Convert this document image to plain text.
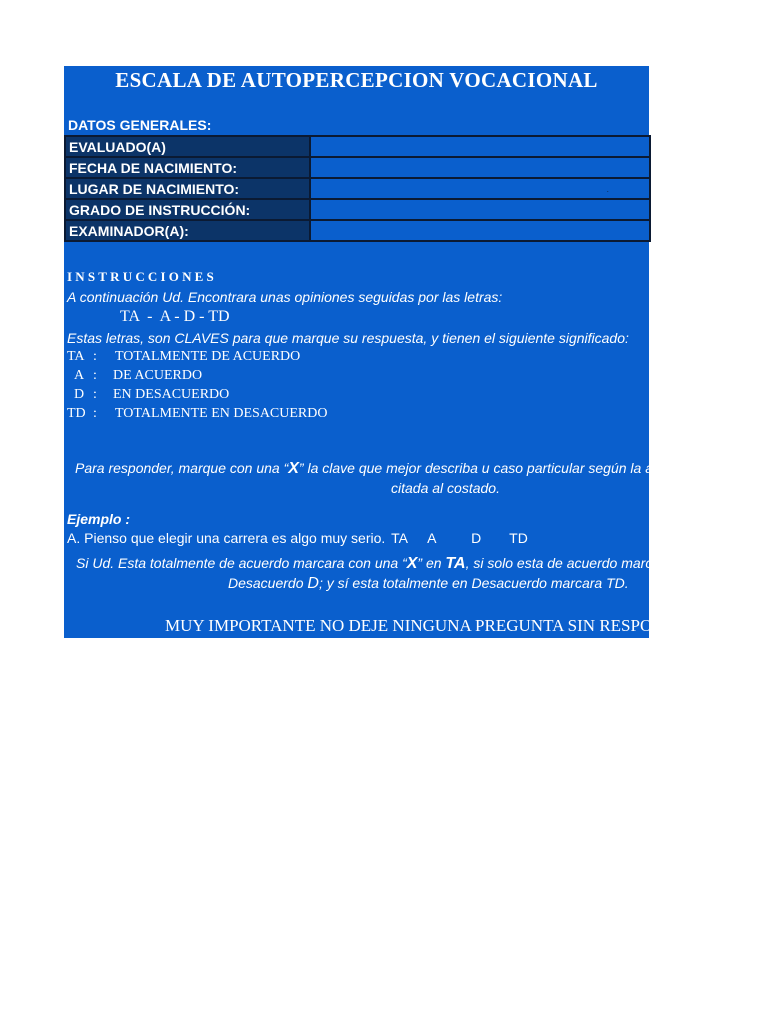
ESCALA DE AUTOPERCEPCION VOCACIONAL
DATOS GENERALES:
EVALUADO(A)	
FECHA DE NACIMIENTO:	
LUGAR DE NACIMIENTO:	.
GRADO DE INSTRUCCIÓN:	
EXAMINADOR(A):	
INSTRUCCIONES
A continuación Ud. Encontrara unas opiniones seguidas por las letras:
TA  -  A - D - TD
Estas letras, son CLAVES para que marque su respuesta, y tienen el siguiente significado:
TA : TOTALMENTE DE ACUERDO
A : DE ACUERDO
D : EN DESACUERDO
TD : TOTALMENTE EN DESACUERDO
Para responder, marque con una “X” la clave que mejor describa u caso particular según la afirmación
citada al costado.
Ejemplo :
A. Pienso que elegir una carrera es algo muy serio. TA A D TD
Si Ud. Esta totalmente de acuerdo marcara con una “X” en TA, si solo esta de acuerdo marcara A; si esta en
Desacuerdo D; y sí esta totalmente en Desacuerdo marcara TD.
MUY IMPORTANTE NO DEJE NINGUNA PREGUNTA SIN RESPONDER
